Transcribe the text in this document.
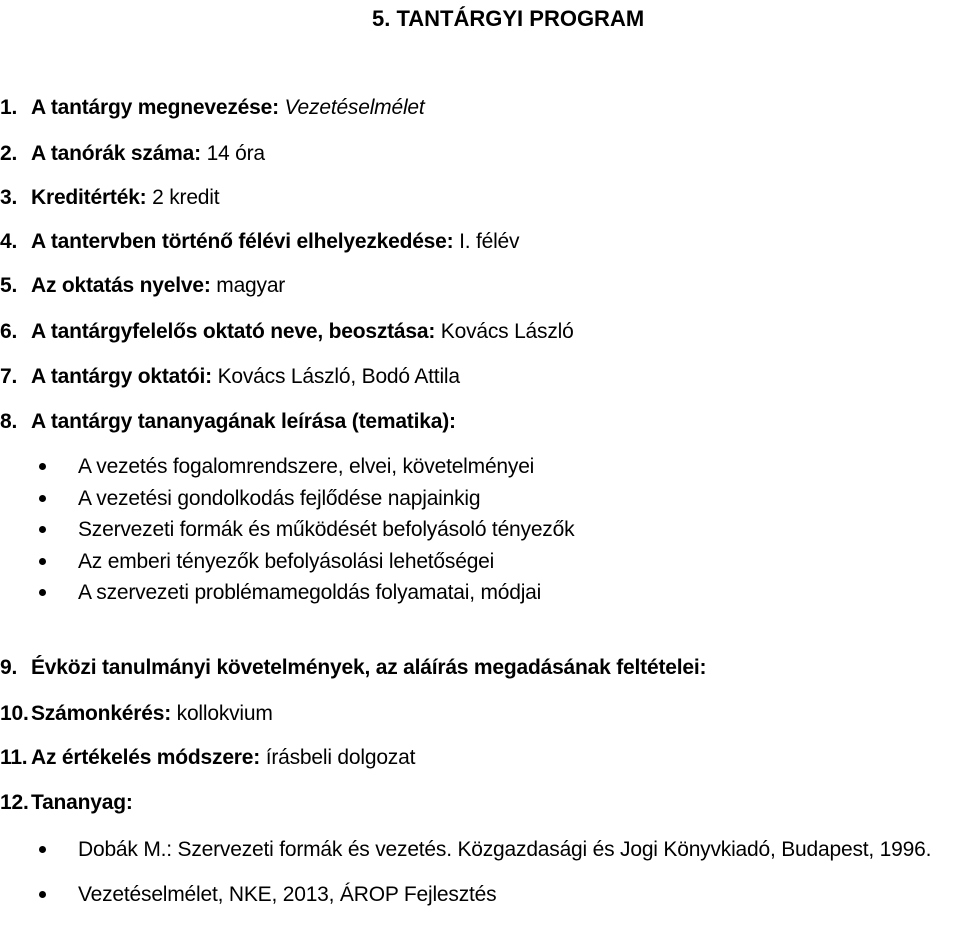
5. TANTÁRGYI PROGRAM
1. A tantárgy megnevezése: Vezetéselmélet
2. A tanórák száma: 14 óra
3. Kreditérték: 2 kredit
4. A tantervben történő félévi elhelyezkedése: I. félév
5. Az oktatás nyelve: magyar
6. A tantárgyfelelős oktató neve, beosztása: Kovács László
7. A tantárgy oktatói: Kovács László, Bodó Attila
8. A tantárgy tananyagának leírása (tematika):
A vezetés fogalomrendszere, elvei, követelményei
A vezetési gondolkodás fejlődése napjainkig
Szervezeti formák és működését befolyásoló tényezők
Az emberi tényezők befolyásolási lehetőségei
A szervezeti problémamegoldás folyamatai, módjai
9. Évközi tanulmányi követelmények, az aláírás megadásának feltételei:
10. Számonkérés: kollokvium
11. Az értékelés módszere: írásbeli dolgozat
12. Tananyag:
Dobák M.: Szervezeti formák és vezetés. Közgazdasági és Jogi Könyvkiadó, Budapest, 1996.
Vezetéselmélet, NKE, 2013, ÁROP Fejlesztés
